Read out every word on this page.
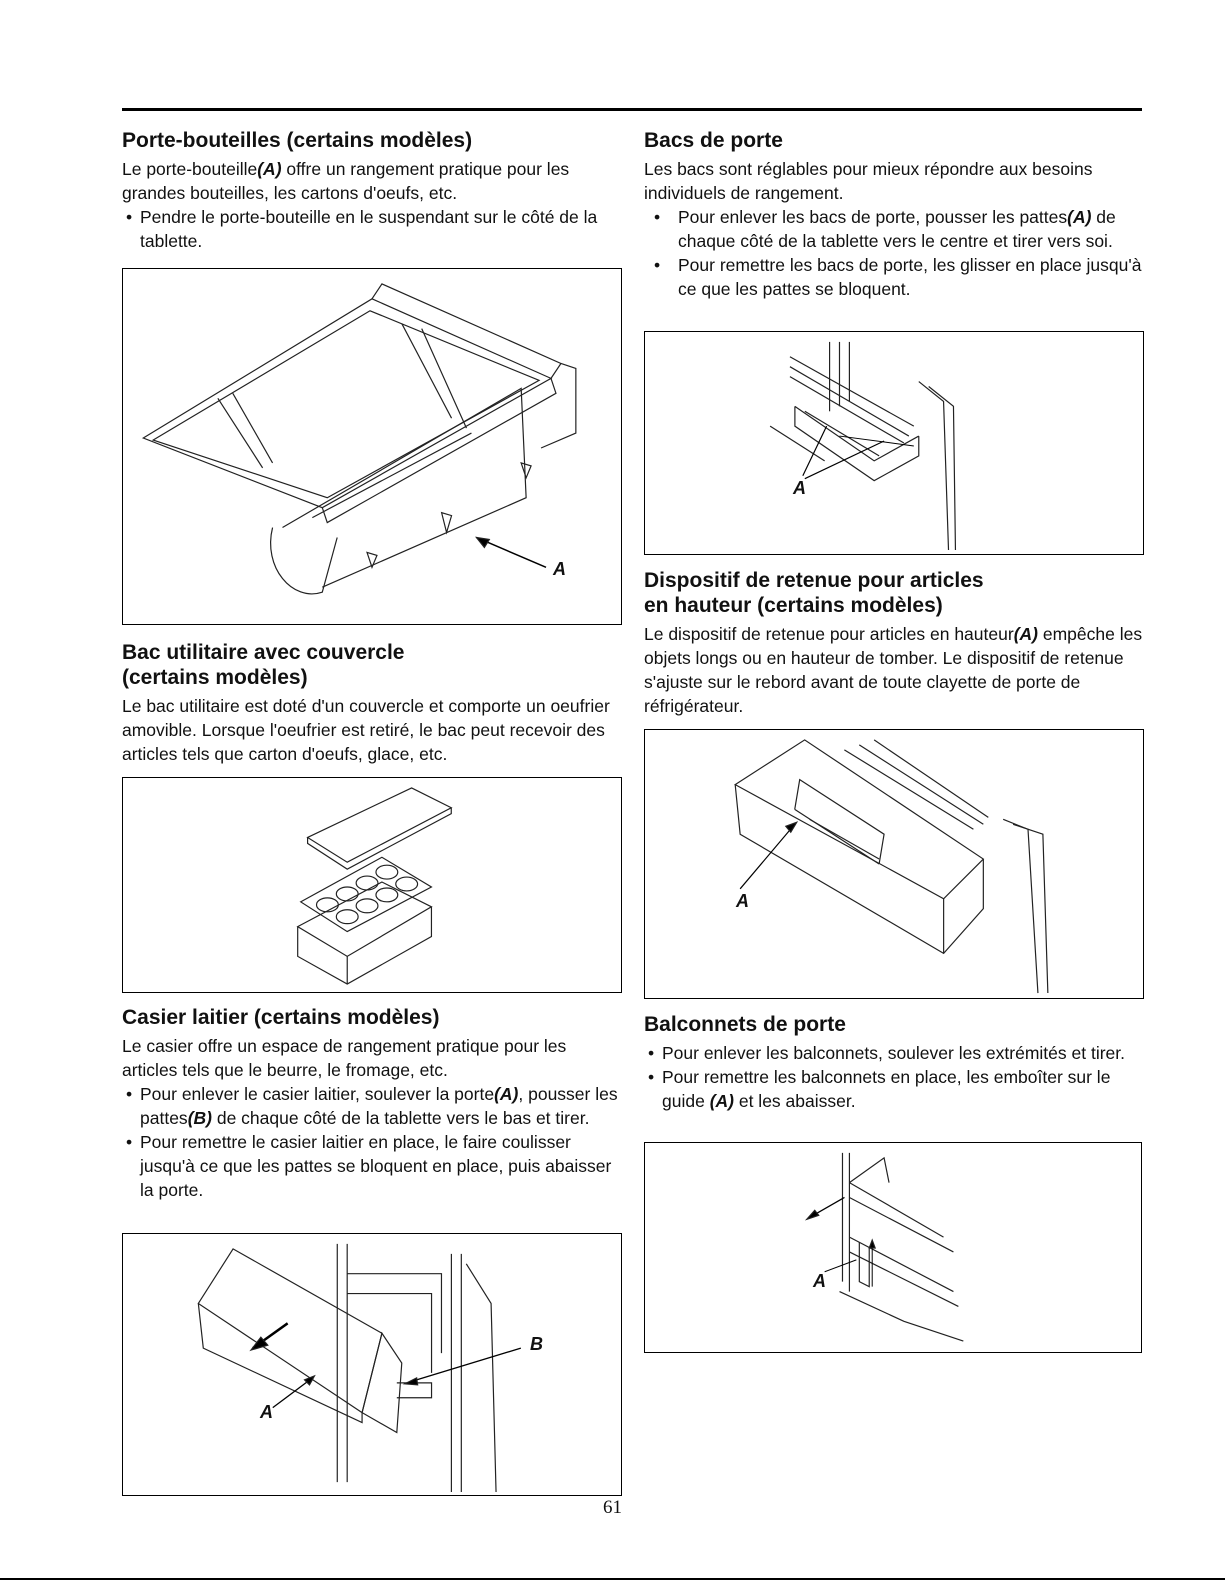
Porte-bouteilles (certains modèles)

Le porte-bouteille(A) offre un rangement pratique pour les grandes bouteilles, les cartons d'oeufs, etc.

• Pendre le porte-bouteille en le suspendant sur le côté de la tablette.
A
Bac utilitaire avec couvercle
(certains modèles)

Le bac utilitaire est doté d'un couvercle et comporte un oeufrier amovible. Lorsque l'oeufrier est retiré, le bac peut recevoir des articles tels que carton d'oeufs, glace, etc.

Casier laitier (certains modèles)

Le casier offre un espace de rangement pratique pour les articles tels que le beurre, le fromage, etc.

• Pour enlever le casier laitier, soulever la porte(A), pousser les pattes(B) de chaque côté de la tablette vers le bas et tirer.
• Pour remettre le casier laitier en place, le faire coulisser jusqu'à ce que les pattes se bloquent en place, puis abaisser la porte.
A
B
Bacs de porte

Les bacs sont réglables pour mieux répondre aux besoins individuels de rangement.

• Pour enlever les bacs de porte, pousser les pattes(A) de chaque côté de la tablette vers le centre et tirer vers soi.
• Pour remettre les bacs de porte, les glisser en place jusqu'à ce que les pattes se bloquent.
A
Dispositif de retenue pour articles
en hauteur (certains modèles)

Le dispositif de retenue pour articles en hauteur(A) empêche les objets longs ou en hauteur de tomber. Le dispositif de retenue s'ajuste sur le rebord avant de toute clayette de porte de réfrigérateur.

A
Balconnets de porte
• Pour enlever les balconnets, soulever les extrémités et tirer.
• Pour remettre les balconnets en place, les emboîter sur le guide (A) et les abaisser.
A
61
